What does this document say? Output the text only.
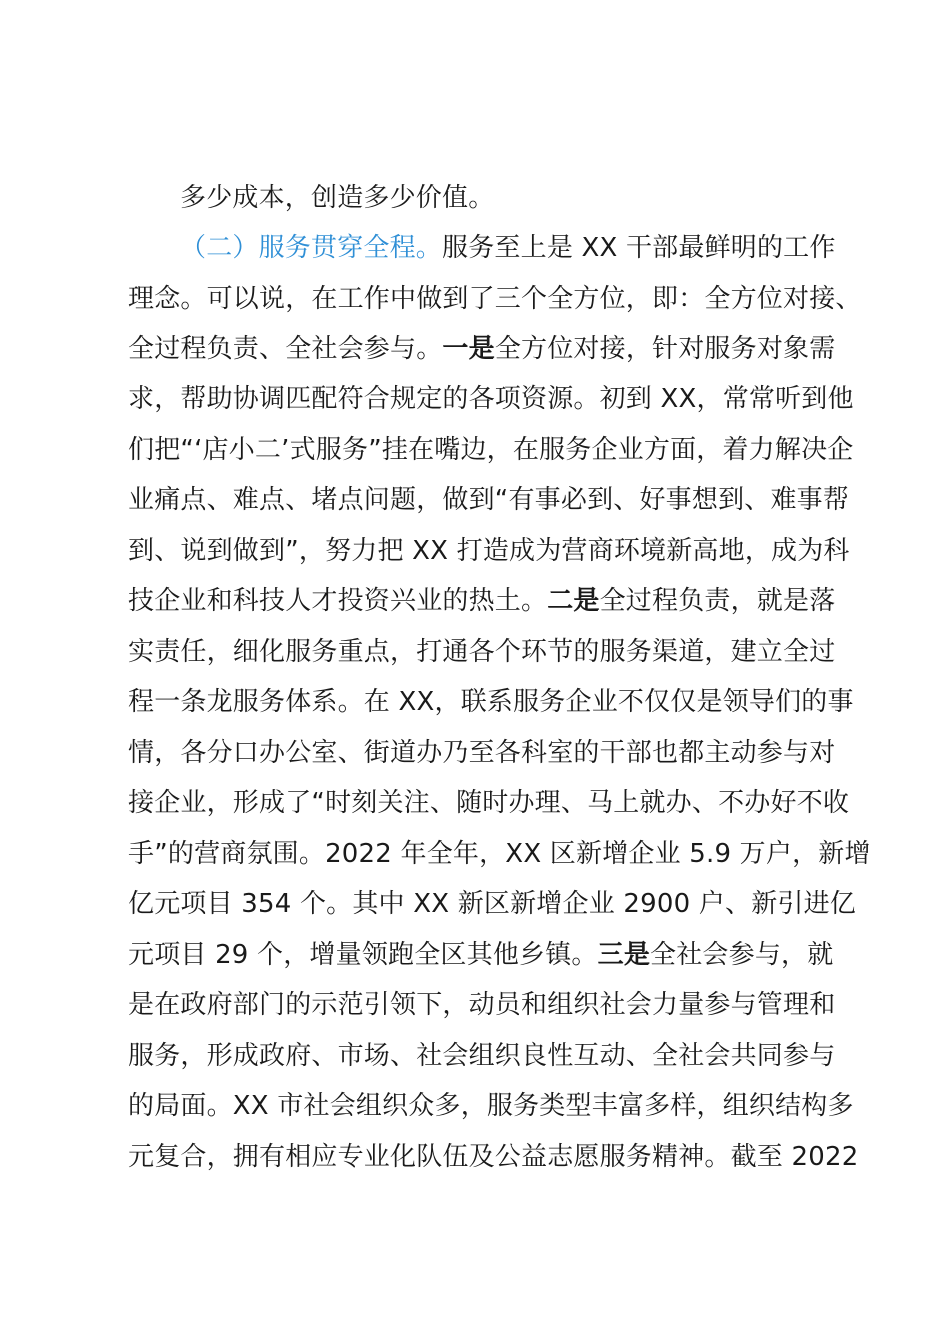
多少成本，创造多少价值。
（二）服务贯穿全程。服务至上是 XX 干部最鲜明的工作
理念。可以说，在工作中做到了三个全方位，即：全方位对接、
全过程负责、全社会参与。一是全方位对接，针对服务对象需
求，帮助协调匹配符合规定的各项资源。初到 XX，常常听到他
们把“‘店小二’式服务”挂在嘴边，在服务企业方面，着力解决企
业痛点、难点、堵点问题，做到“有事必到、好事想到、难事帮
到、说到做到”，努力把 XX 打造成为营商环境新高地，成为科
技企业和科技人才投资兴业的热土。二是全过程负责，就是落
实责任，细化服务重点，打通各个环节的服务渠道，建立全过
程一条龙服务体系。在 XX，联系服务企业不仅仅是领导们的事
情，各分口办公室、街道办乃至各科室的干部也都主动参与对
接企业，形成了“时刻关注、随时办理、马上就办、不办好不收
手”的营商氛围。2022 年全年，XX 区新增企业 5.9 万户，新增
亿元项目 354 个。其中 XX 新区新增企业 2900 户、新引进亿
元项目 29 个，增量领跑全区其他乡镇。三是全社会参与，就
是在政府部门的示范引领下，动员和组织社会力量参与管理和
服务，形成政府、市场、社会组织良性互动、全社会共同参与
的局面。XX 市社会组织众多，服务类型丰富多样，组织结构多
元复合，拥有相应专业化队伍及公益志愿服务精神。截至 2022
